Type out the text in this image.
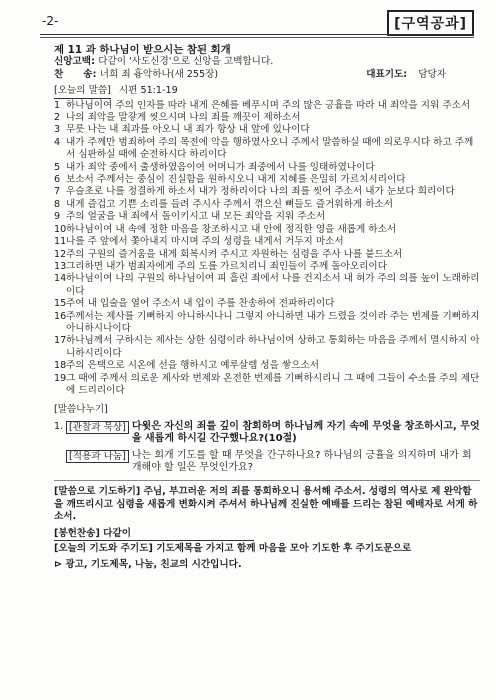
-2-	[구역공과]
제 11 과 하나님이 받으시는 참된 회개
신앙고백: 다같이 '사도신경'으로 신앙을 고백합니다.
찬      송: 너희 죄 흉악하나(새 255장)	대표기도: 담당자
[오늘의 말씀] 시편 51:1-19
1 하나님이여 주의 인자를 따라 내게 은혜를 베푸시며 주의 많은 긍휼을 따라 내 죄악을 지워 주소서
2 나의 죄악을 말갛게 씻으시며 나의 죄를 깨끗이 제하소서
3 무릇 나는 내 죄과를 아오니 내 죄가 항상 내 앞에 있나이다
4 내가 주께만 범죄하여 주의 목전에 악을 행하였사오니 주께서 말씀하실 때에 의로우시다 하고 주께서 심판하실 때에 순전하시다 하리이다
5 내가 죄악 중에서 출생하였음이여 어머니가 죄중에서 나를 잉태하였나이다
6 보소서 주께서는 중심이 진실함을 원하시오니 내게 지혜를 은밀히 가르치시리이다
7 우슬초로 나를 정결하게 하소서 내가 정하리이다 나의 죄를 씻어 주소서 내가 눈보다 희리이다
8 내게 즐겁고 기쁜 소리를 들려 주시사 주께서 꺾으신 뼈들도 즐거워하게 하소서
9 주의 얼굴을 내 죄에서 돌이키시고 내 모든 죄악을 지워 주소서
10 하나님이여 내 속에 정한 마음을 창조하시고 내 안에 정직한 영을 새롭게 하소서
11 나를 주 앞에서 쫓아내지 마시며 주의 성령을 내게서 거두지 마소서
12 주의 구원의 즐거움을 내게 회복시켜 주시고 자원하는 심령을 주사 나를 붙드소서
13 그리하면 내가 범죄자에게 주의 도를 가르치리니 죄인들이 주께 돌아오리이다
14 하나님이여 나의 구원의 하나님이여 피 흘린 죄에서 나를 건지소서 내 혀가 주의 의를 높이 노래하리이다
15 주여 내 입술을 열어 주소서 내 입이 주를 찬송하여 전파하리이다
16 주께서는 제사를 기뻐하지 아니하시나니 그렇지 아니하면 내가 드렸을 것이라 주는 번제를 기뻐하지 아니하시나이다
17 하나님께서 구하시는 제사는 상한 심령이라 하나님이여 상하고 통회하는 마음을 주께서 멸시하지 아니하시리이다
18 주의 은택으로 시온에 선을 행하시고 예루살렘 성을 쌓으소서
19 그 때에 주께서 의로운 제사와 번제와 온전한 번제를 기뻐하시리니 그 때에 그들이 수소를 주의 제단에 드리리이다
[말씀나누기]
1. [관찰과 묵상] 다윗은 자신의 죄를 깊이 참회하며 하나님께 자기 속에 무엇을 창조하시고, 무엇을 새롭게 하시길 간구했나요?(10절)
[적용과 나눔] 나는 회개 기도를 할 때 무엇을 간구하나요? 하나님의 긍휼을 의지하며 내가 회개해야 할 일은 무엇인가요?
[말씀으로 기도하기] 주님, 부끄러운 저의 죄를 통회하오니 용서해 주소서. 성령의 역사로 제 완악함을 깨뜨리시고 심령을 새롭게 변화시켜 주셔서 하나님께 진실한 예배를 드리는 참된 예배자로 서게 하소서.
[봉헌찬송] 다같이
[오늘의 기도와 주기도] 기도제목을 가지고 함께 마음을 모아 기도한 후 주기도문으로
⊳ 광고, 기도제목, 나눔, 친교의 시간입니다.
